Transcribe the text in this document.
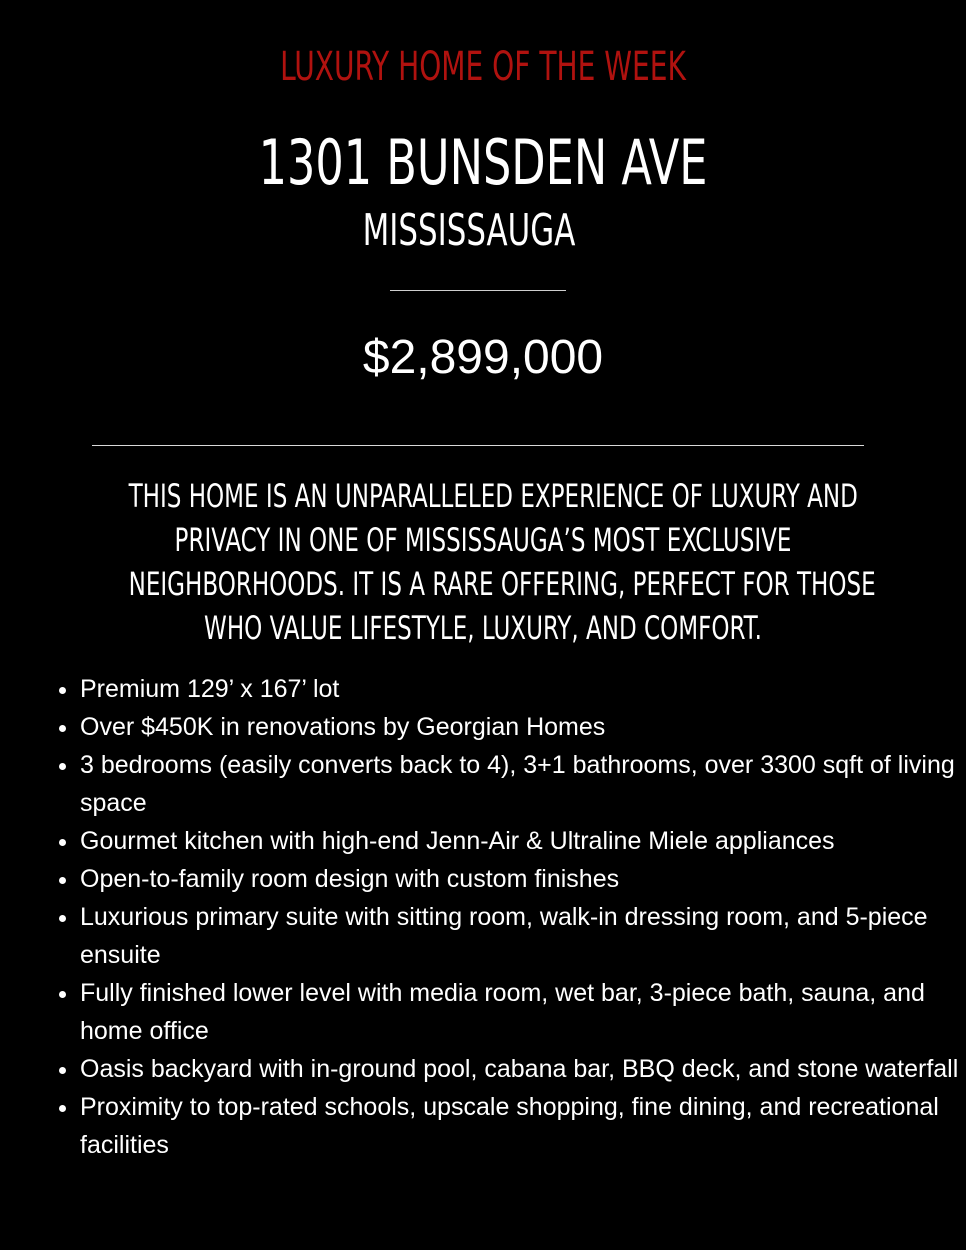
LUXURY HOME OF THE WEEK
1301 BUNSDEN AVE
MISSISSAUGA
$2,899,000

THIS HOME IS AN UNPARALLELED EXPERIENCE OF LUXURY AND
PRIVACY IN ONE OF MISSISSAUGA’S MOST EXCLUSIVE
NEIGHBORHOODS. IT IS A RARE OFFERING, PERFECT FOR THOSE
WHO VALUE LIFESTYLE, LUXURY, AND COMFORT.

• Premium 129’ x 167’ lot
• Over $450K in renovations by Georgian Homes
• 3 bedrooms (easily converts back to 4), 3+1 bathrooms, over 3300 sqft of living space
• Gourmet kitchen with high-end Jenn-Air & Ultraline Miele appliances
• Open-to-family room design with custom finishes
• Luxurious primary suite with sitting room, walk-in dressing room, and 5-piece ensuite
• Fully finished lower level with media room, wet bar, 3-piece bath, sauna, and home office
• Oasis backyard with in-ground pool, cabana bar, BBQ deck, and stone waterfall
• Proximity to top-rated schools, upscale shopping, fine dining, and recreational facilities
